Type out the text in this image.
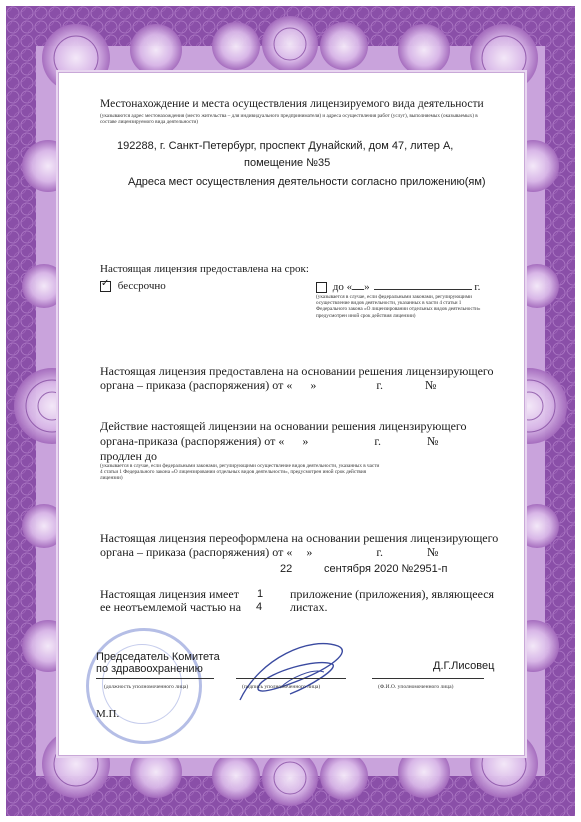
Местонахождение и места осуществления лицензируемого вида деятельности
(указываются адрес местонахождения (место жительства – для индивидуального предпринимателя) и адреса осуществления работ (услуг), выполняемых (оказываемых) в составе лицензируемого вида деятельности)
192288, г. Санкт-Петербург, проспект Дунайский, дом 47, литер А,
помещение №35
Адреса мест осуществления деятельности согласно приложению(ям)
Настоящая лицензия предоставлена на срок:
✓ бессрочно	до « »	г.
(указывается в случае, если федеральными законами, регулирующими осуществление видов деятельности, указанных в части 4 статьи 1 Федерального закона «О лицензировании отдельных видов деятельности» предусмотрен иной срок действия лицензии)
Настоящая лицензия предоставлена на основании решения лицензирующего
органа – приказа (распоряжения) от « »	г.	№
Действие настоящей лицензии на основании решения лицензирующего
органа-приказа (распоряжения) от « »	г.	№
продлен до
(указывается в случае, если федеральными законами, регулирующими осуществление видов деятельности, указанных в части 4 статьи 1 Федерального закона «О лицензировании отдельных видов деятельности», предусмотрен иной срок действия лицензии)
Настоящая лицензия переоформлена на основании решения лицензирующего
органа – приказа (распоряжения) от « »	г.	№
22	сентября 2020 №2951-п
Настоящая лицензия имеет 1 приложение (приложения), являющееся
ее неотъемлемой частью на 4 листах.
Председатель Комитета
по здравоохранению
(должность уполномоченного лица)	(подпись уполномоченного лица)
Д.Г.Лисовец
(Ф.И.О. уполномоченного лица)
М.П.
